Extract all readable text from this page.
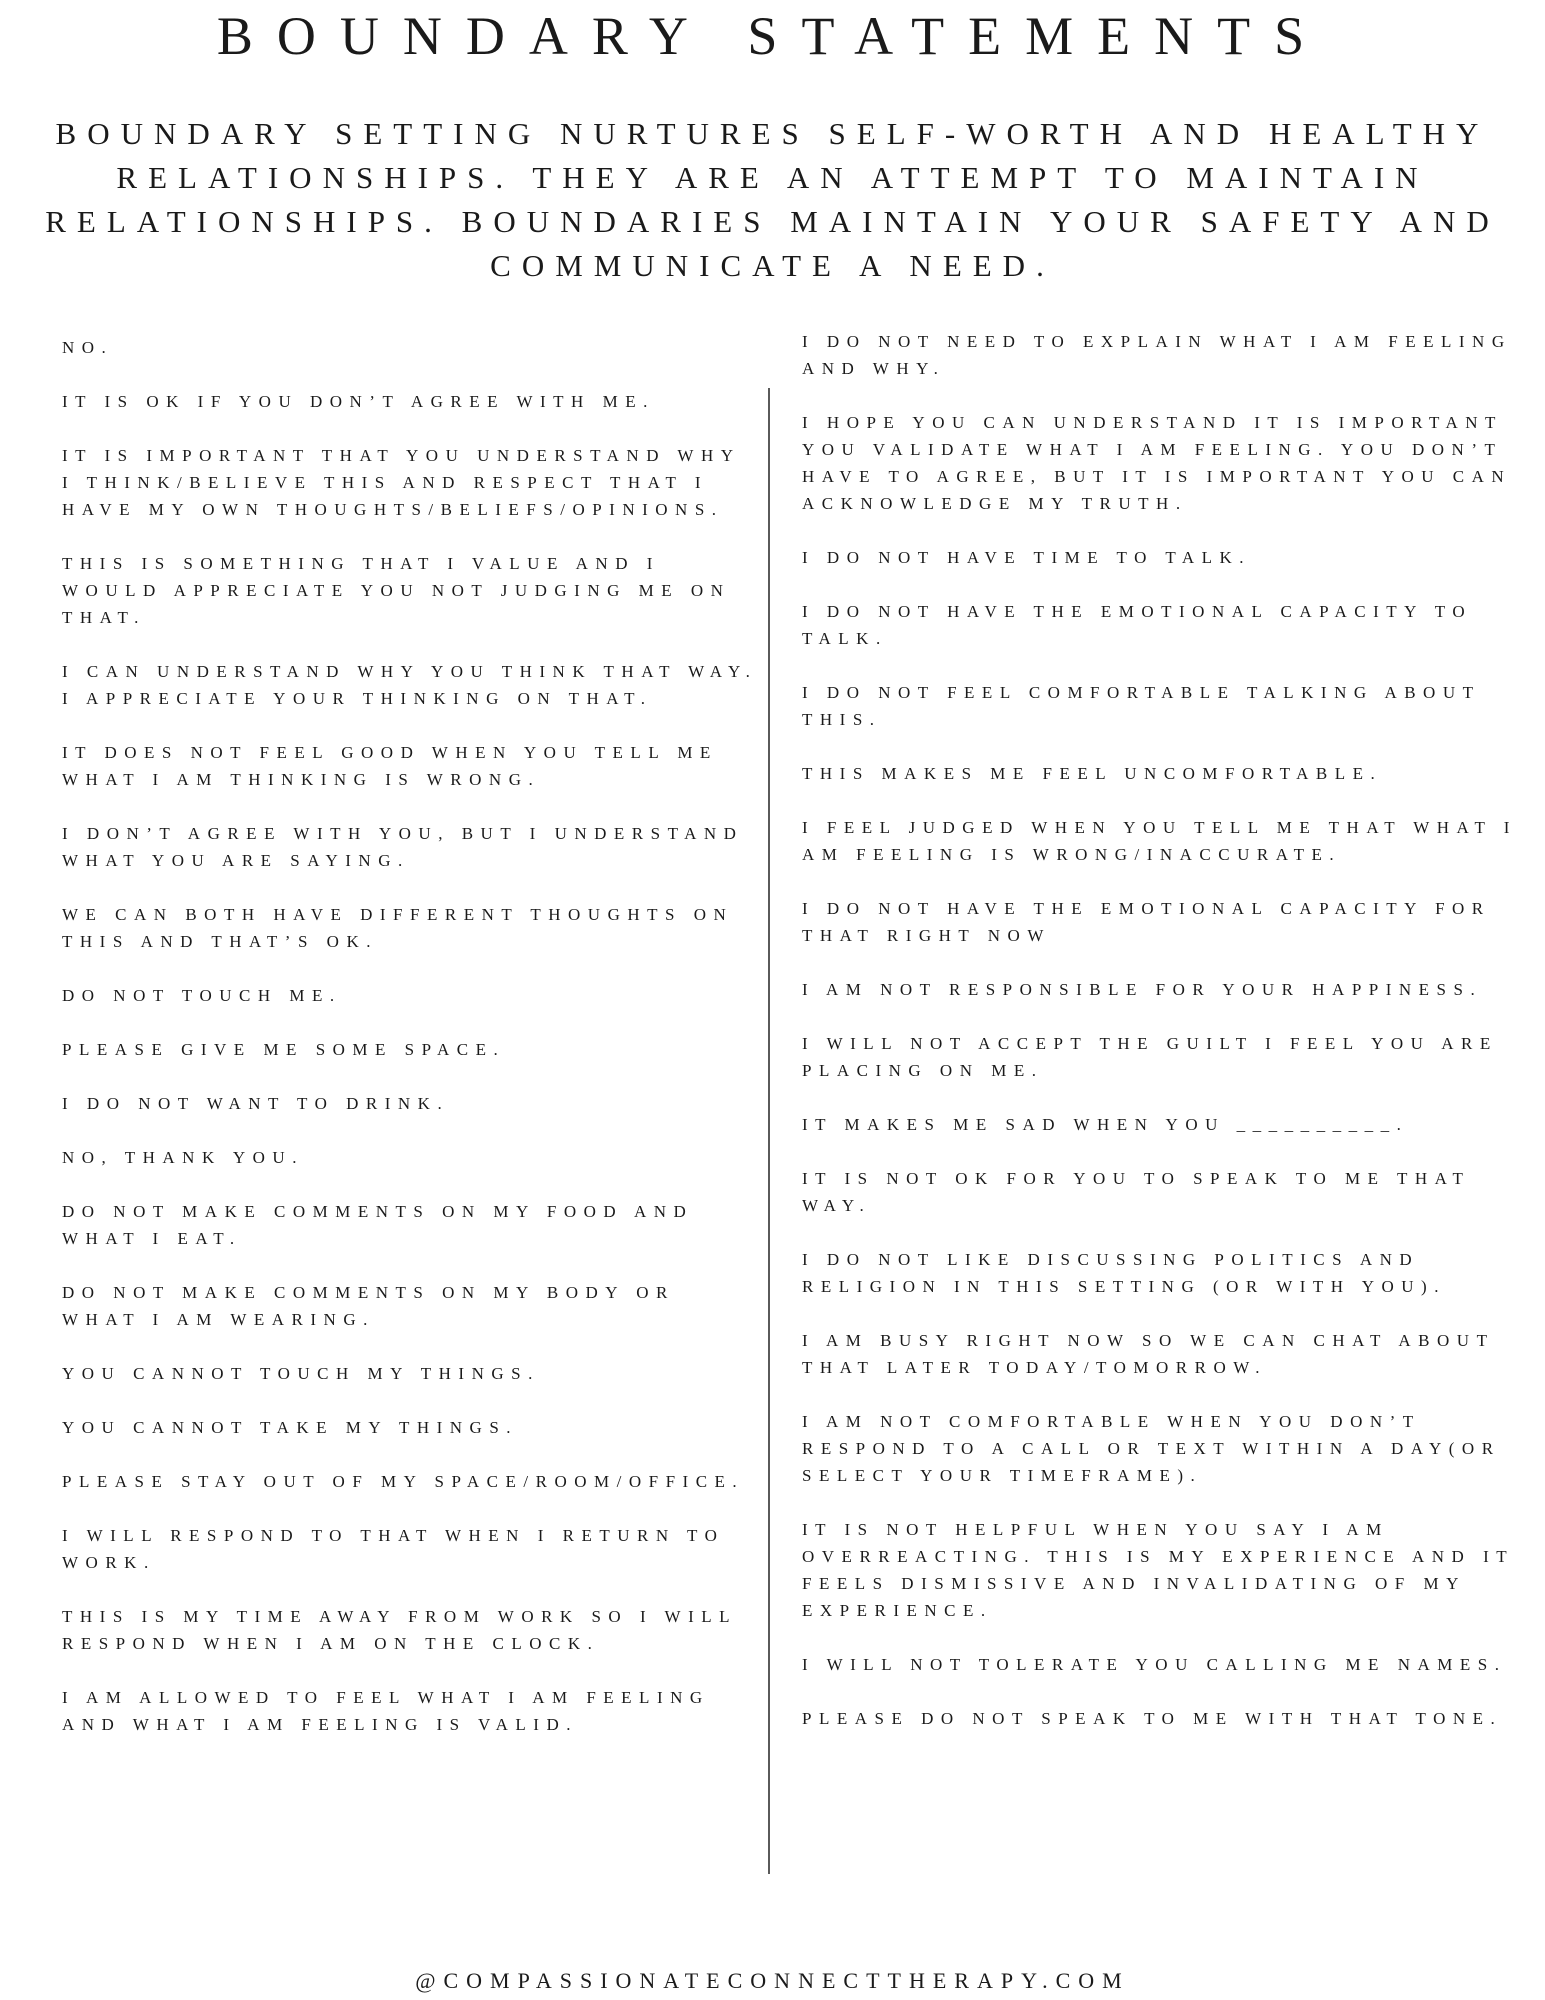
BOUNDARY STATEMENTS

BOUNDARY SETTING NURTURES SELF-WORTH AND HEALTHY RELATIONSHIPS. THEY ARE AN ATTEMPT TO MAINTAIN RELATIONSHIPS. BOUNDARIES MAINTAIN YOUR SAFETY AND COMMUNICATE A NEED.

NO.
IT IS OK IF YOU DON’T AGREE WITH ME.
IT IS IMPORTANT THAT YOU UNDERSTAND WHY I THINK/BELIEVE THIS AND RESPECT THAT I HAVE MY OWN THOUGHTS/BELIEFS/OPINIONS.
THIS IS SOMETHING THAT I VALUE AND I WOULD APPRECIATE YOU NOT JUDGING ME ON THAT.
I CAN UNDERSTAND WHY YOU THINK THAT WAY. I APPRECIATE YOUR THINKING ON THAT.
IT DOES NOT FEEL GOOD WHEN YOU TELL ME WHAT I AM THINKING IS WRONG.
I DON’T AGREE WITH YOU, BUT I UNDERSTAND WHAT YOU ARE SAYING.
WE CAN BOTH HAVE DIFFERENT THOUGHTS ON THIS AND THAT’S OK.
DO NOT TOUCH ME.
PLEASE GIVE ME SOME SPACE.
I DO NOT WANT TO DRINK.
NO, THANK YOU.
DO NOT MAKE COMMENTS ON MY FOOD AND WHAT I EAT.
DO NOT MAKE COMMENTS ON MY BODY OR WHAT I AM WEARING.
YOU CANNOT TOUCH MY THINGS.
YOU CANNOT TAKE MY THINGS.
PLEASE STAY OUT OF MY SPACE/ROOM/OFFICE.
I WILL RESPOND TO THAT WHEN I RETURN TO WORK.
THIS IS MY TIME AWAY FROM WORK SO I WILL RESPOND WHEN I AM ON THE CLOCK.
I AM ALLOWED TO FEEL WHAT I AM FEELING AND WHAT I AM FEELING IS VALID.
I DO NOT NEED TO EXPLAIN WHAT I AM FEELING AND WHY.
I HOPE YOU CAN UNDERSTAND IT IS IMPORTANT YOU VALIDATE WHAT I AM FEELING. YOU DON’T HAVE TO AGREE, BUT IT IS IMPORTANT YOU CAN ACKNOWLEDGE MY TRUTH.
I DO NOT HAVE TIME TO TALK.
I DO NOT HAVE THE EMOTIONAL CAPACITY TO TALK.
I DO NOT FEEL COMFORTABLE TALKING ABOUT THIS.
THIS MAKES ME FEEL UNCOMFORTABLE.
I FEEL JUDGED WHEN YOU TELL ME THAT WHAT I AM FEELING IS WRONG/INACCURATE.
I DO NOT HAVE THE EMOTIONAL CAPACITY FOR THAT RIGHT NOW
I AM NOT RESPONSIBLE FOR YOUR HAPPINESS.
I WILL NOT ACCEPT THE GUILT I FEEL YOU ARE PLACING ON ME.
IT MAKES ME SAD WHEN YOU __________.
IT IS NOT OK FOR YOU TO SPEAK TO ME THAT WAY.
I DO NOT LIKE DISCUSSING POLITICS AND RELIGION IN THIS SETTING (OR WITH YOU).
I AM BUSY RIGHT NOW SO WE CAN CHAT ABOUT THAT LATER TODAY/TOMORROW.
I AM NOT COMFORTABLE WHEN YOU DON’T RESPOND TO A CALL OR TEXT WITHIN A DAY(OR SELECT YOUR TIMEFRAME).
IT IS NOT HELPFUL WHEN YOU SAY I AM OVERREACTING. THIS IS MY EXPERIENCE AND IT FEELS DISMISSIVE AND INVALIDATING OF MY EXPERIENCE.
I WILL NOT TOLERATE YOU CALLING ME NAMES.
PLEASE DO NOT SPEAK TO ME WITH THAT TONE.
@COMPASSIONATECONNECTTHERAPY.COM
